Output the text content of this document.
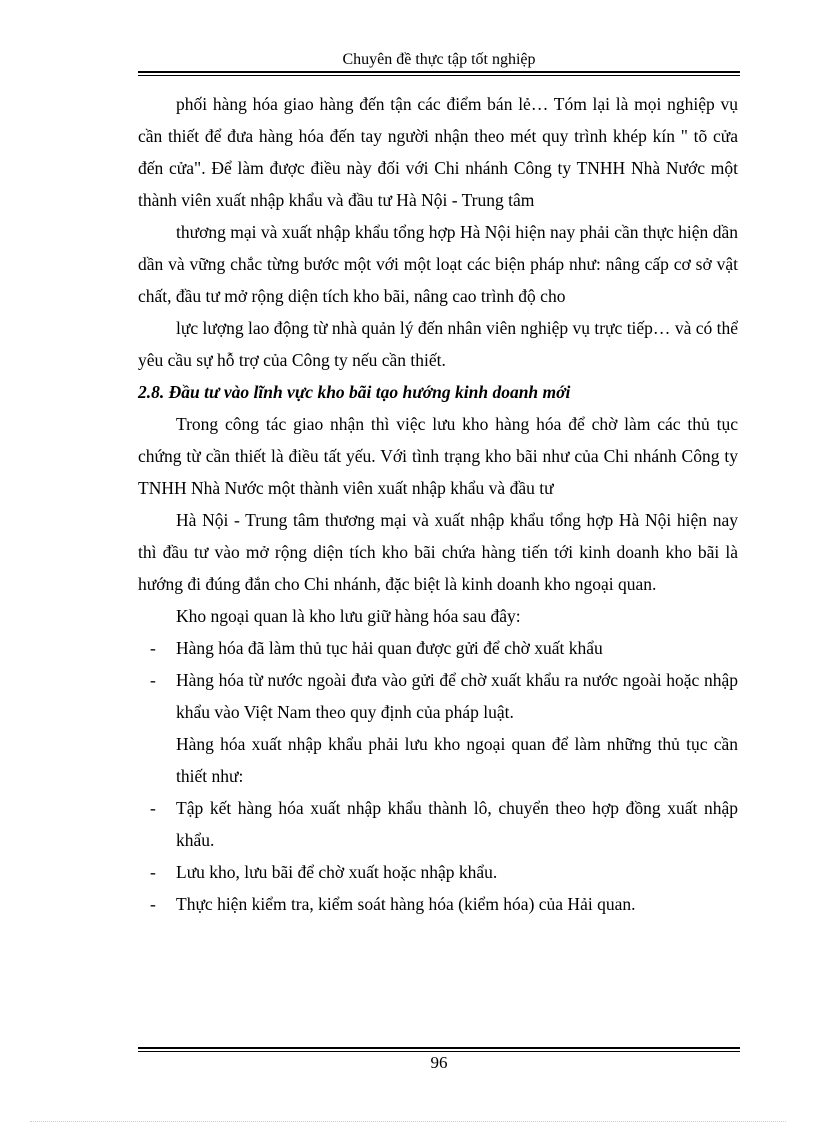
Chuyên đề thực tập tốt nghiệp

phối hàng hóa giao hàng đến tận các điểm bán lẻ… Tóm lại là mọi nghiệp vụ cần thiết để đưa hàng hóa đến tay người nhận theo mét quy trình khép kín " tõ cửa đến cửa". Để làm được điều này đối với Chi nhánh Công ty TNHH Nhà Nước một thành viên xuất nhập khẩu và đầu tư Hà Nội - Trung tâm

thương mại và xuất nhập khẩu tổng hợp Hà Nội hiện nay phải cần thực hiện dần dần và vững chắc từng bước một với một loạt các biện pháp như: nâng cấp cơ sở vật chất, đầu tư mở rộng diện tích kho bãi, nâng cao trình độ cho

lực lượng lao động từ nhà quản lý đến nhân viên nghiệp vụ trực tiếp… và có thể yêu cầu sự hỗ trợ của Công ty nếu cần thiết.

2.8. Đầu tư vào lĩnh vực kho bãi tạo hướng kinh doanh mới

Trong công tác giao nhận thì việc lưu kho hàng hóa để chờ làm các thủ tục chứng từ cần thiết là điều tất yếu. Với tình trạng kho bãi như của Chi nhánh Công ty TNHH Nhà Nước một thành viên xuất nhập khẩu và đầu tư

Hà Nội - Trung tâm thương mại và xuất nhập khẩu tổng hợp Hà Nội hiện nay thì đầu tư vào mở rộng diện tích kho bãi chứa hàng tiến tới kinh doanh kho bãi là hướng đi đúng đắn cho Chi nhánh, đặc biệt là kinh doanh kho ngoại quan.

Kho ngoại quan là kho lưu giữ hàng hóa sau đây:

- Hàng hóa đã làm thủ tục hải quan được gửi để chờ xuất khẩu

- Hàng hóa từ nước ngoài đưa vào gửi để chờ xuất khẩu ra nước ngoài hoặc nhập khẩu vào Việt Nam theo quy định của pháp luật.

Hàng hóa xuất nhập khẩu phải lưu kho ngoại quan để làm những thủ tục cần thiết như:

- Tập kết hàng hóa xuất nhập khẩu thành lô, chuyển theo hợp đồng xuất nhập khẩu.

- Lưu kho, lưu bãi để chờ xuất hoặc nhập khẩu.

- Thực hiện kiểm tra, kiểm soát hàng hóa (kiểm hóa) của Hải quan.

96
